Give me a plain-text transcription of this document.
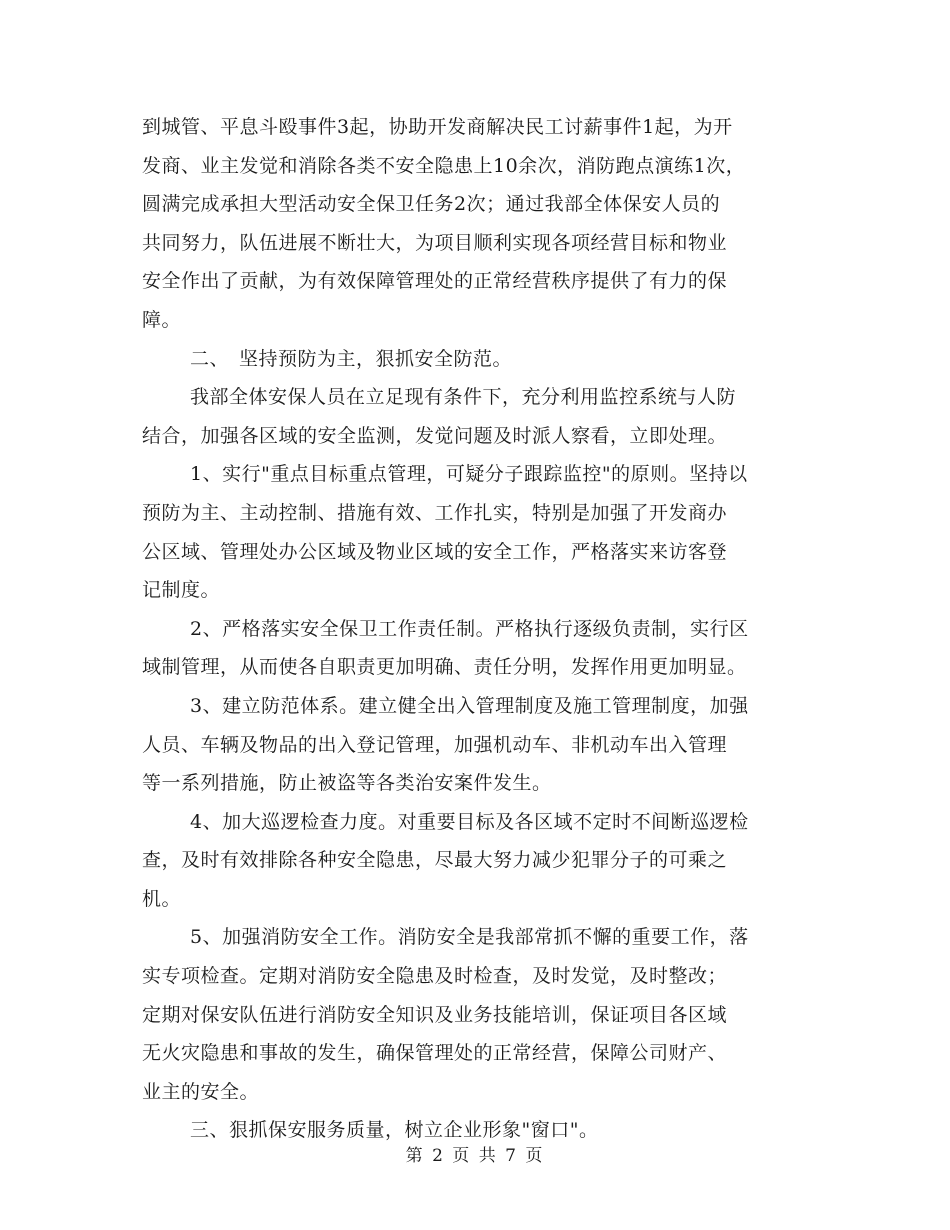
到城管、平息斗殴事件3起，协助开发商解决民工讨薪事件1起，为开
发商、业主发觉和消除各类不安全隐患上10余次，消防跑点演练1次，
圆满完成承担大型活动安全保卫任务2次；通过我部全体保安人员的
共同努力，队伍进展不断壮大，为项目顺利实现各项经营目标和物业
安全作出了贡献，为有效保障管理处的正常经营秩序提供了有力的保
障。
二、　坚持预防为主，狠抓安全防范。
我部全体安保人员在立足现有条件下，充分利用监控系统与人防
结合，加强各区域的安全监测，发觉问题及时派人察看，立即处理。
1、实行"重点目标重点管理，可疑分子跟踪监控"的原则。坚持以
预防为主、主动控制、措施有效、工作扎实，特别是加强了开发商办
公区域、管理处办公区域及物业区域的安全工作，严格落实来访客登
记制度。
2、严格落实安全保卫工作责任制。严格执行逐级负责制，实行区
域制管理，从而使各自职责更加明确、责任分明，发挥作用更加明显。
3、建立防范体系。建立健全出入管理制度及施工管理制度，加强
人员、车辆及物品的出入登记管理，加强机动车、非机动车出入管理
等一系列措施，防止被盗等各类治安案件发生。
4、加大巡逻检查力度。对重要目标及各区域不定时不间断巡逻检
查，及时有效排除各种安全隐患，尽最大努力减少犯罪分子的可乘之
机。
5、加强消防安全工作。消防安全是我部常抓不懈的重要工作，落
实专项检查。定期对消防安全隐患及时检查，及时发觉，及时整改；
定期对保安队伍进行消防安全知识及业务技能培训，保证项目各区域
无火灾隐患和事故的发生，确保管理处的正常经营，保障公司财产、
业主的安全。
三、狠抓保安服务质量，树立企业形象"窗口"。
第 2 页 共 7 页
